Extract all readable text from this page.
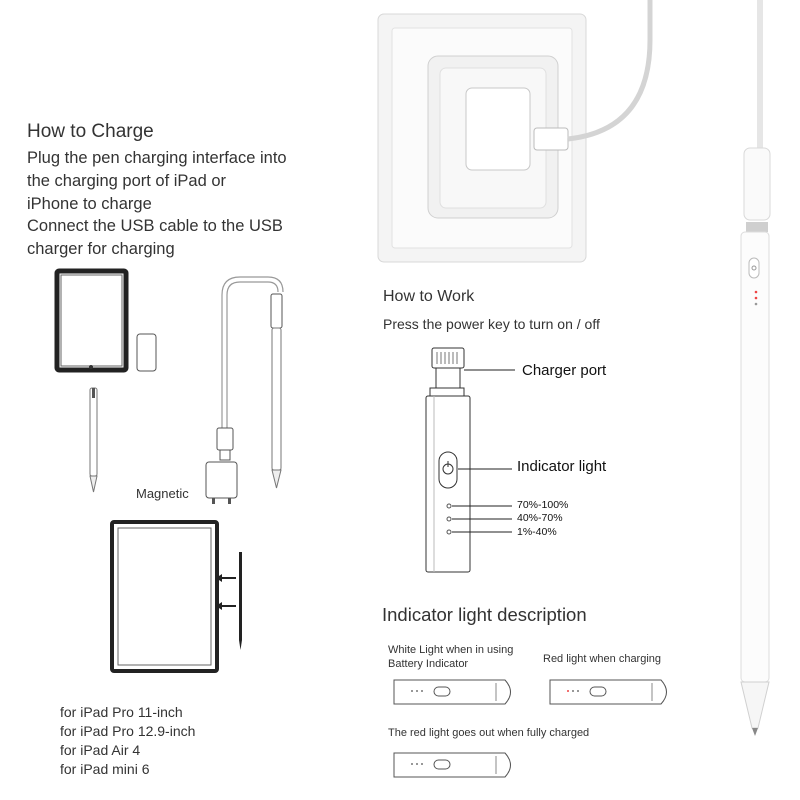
How to Charge
Plug the pen charging interface into
the charging port of iPad or
iPhone to charge
Connect the USB cable to the USB
charger for charging
Magnetic
for iPad Pro 11-inch
for iPad Pro 12.9-inch
for iPad Air 4
for iPad mini 6
How to Work
Press the power key to turn on / off
Charger port
Indicator light
70%-100%
40%-70%
1%-40%
Indicator light description
White Light when in using
Battery Indicator	Red light when charging
The red light goes out when fully charged
